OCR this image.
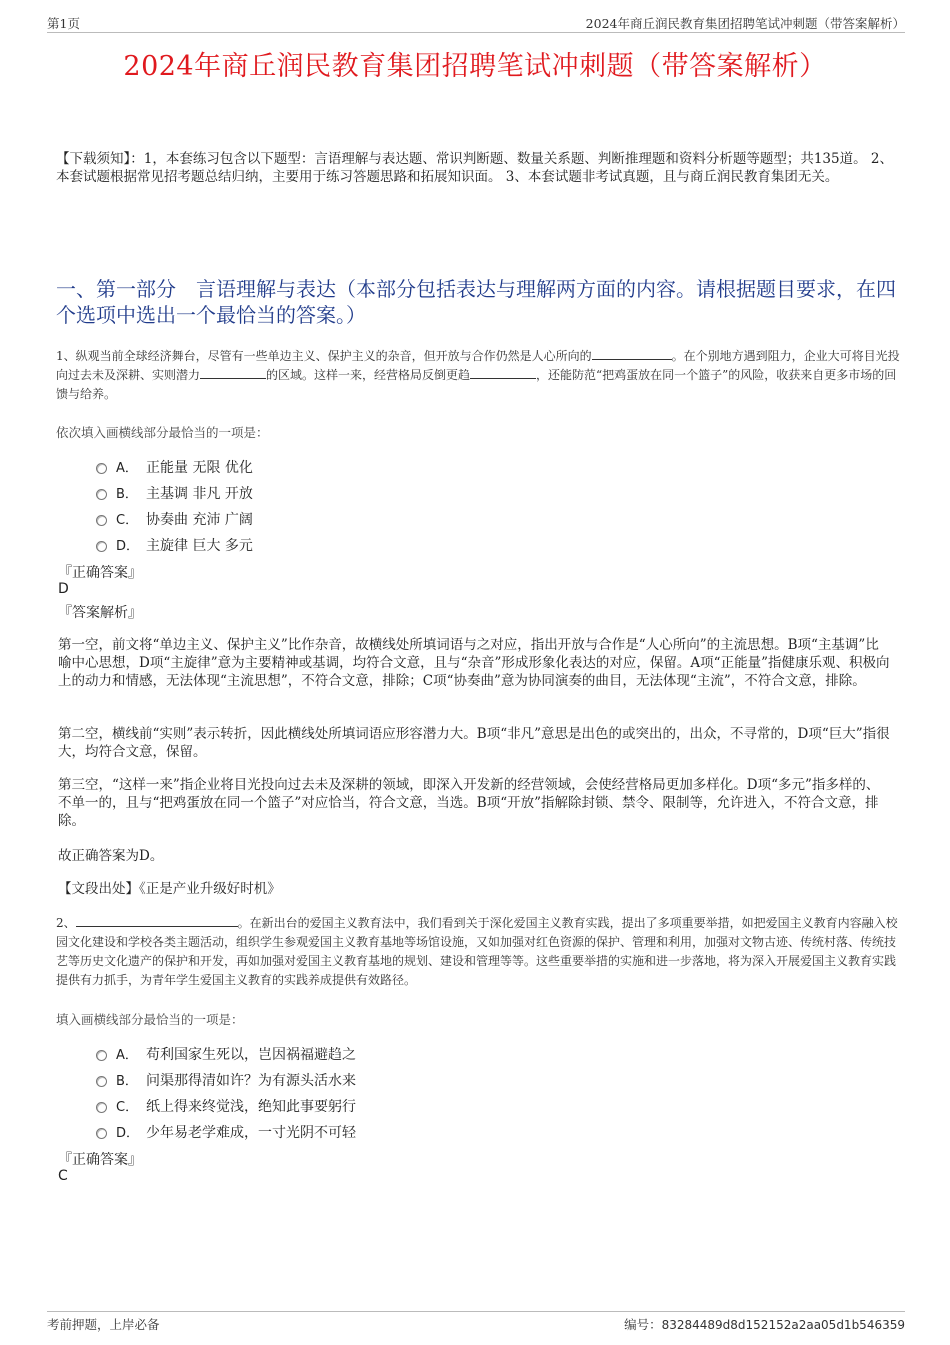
第1页	2024年商丘润民教育集团招聘笔试冲刺题（带答案解析）
2024年商丘润民教育集团招聘笔试冲刺题（带答案解析）
【下载须知】：1，本套练习包含以下题型：言语理解与表达题、常识判断题、数量关系题、判断推理题和资料分析题等题型；共135道。 2、本套试题根据常见招考题总结归纳，主要用于练习答题思路和拓展知识面。 3、本套试题非考试真题，且与商丘润民教育集团无关。
一、第一部分　言语理解与表达（本部分包括表达与理解两方面的内容。请根据题目要求，在四个选项中选出一个最恰当的答案。）
1、纵观当前全球经济舞台，尽管有一些单边主义、保护主义的杂音，但开放与合作仍然是人心所向的	。在个别地方遇到阻力，企业大可将目光投向过去未及深耕、实则潜力	的区域。这样一来，经营格局反倒更趋	，还能防范“把鸡蛋放在同一个篮子”的风险，收获来自更多市场的回馈与给养。
依次填入画横线部分最恰当的一项是：
A． 正能量 无限 优化
B． 主基调 非凡 开放
C． 协奏曲 充沛 广阔
D． 主旋律 巨大 多元
『正确答案』
D
『答案解析』
第一空，前文将“单边主义、保护主义”比作杂音，故横线处所填词语与之对应，指出开放与合作是“人心所向”的主流思想。B项“主基调”比喻中心思想，D项“主旋律”意为主要精神或基调，均符合文意，且与“杂音”形成形象化表达的对应，保留。A项“正能量”指健康乐观、积极向上的动力和情感，无法体现“主流思想”，不符合文意，排除；C项“协奏曲”意为协同演奏的曲目，无法体现“主流”，不符合文意，排除。
第二空，横线前“实则”表示转折，因此横线处所填词语应形容潜力大。B项“非凡”意思是出色的或突出的，出众，不寻常的，D项“巨大”指很大，均符合文意，保留。
第三空，“这样一来”指企业将目光投向过去未及深耕的领域，即深入开发新的经营领域，会使经营格局更加多样化。D项“多元”指多样的、不单一的，且与“把鸡蛋放在同一个篮子”对应恰当，符合文意，当选。B项“开放”指解除封锁、禁令、限制等，允许进入，不符合文意，排除。
故正确答案为D。
【文段出处】《正是产业升级好时机》
2、	。在新出台的爱国主义教育法中，我们看到关于深化爱国主义教育实践，提出了多项重要举措，如把爱国主义教育内容融入校园文化建设和学校各类主题活动，组织学生参观爱国主义教育基地等场馆设施，又如加强对红色资源的保护、管理和利用，加强对文物古迹、传统村落、传统技艺等历史文化遗产的保护和开发，再如加强对爱国主义教育基地的规划、建设和管理等等。这些重要举措的实施和进一步落地，将为深入开展爱国主义教育实践提供有力抓手，为青年学生爱国主义教育的实践养成提供有效路径。
填入画横线部分最恰当的一项是：
A． 苟利国家生死以，岂因祸福避趋之
B． 问渠那得清如许？为有源头活水来
C． 纸上得来终觉浅，绝知此事要躬行
D． 少年易老学难成，一寸光阴不可轻
『正确答案』
C
考前押题，上岸必备	编号：83284489d8d152152a2aa05d1b546359
